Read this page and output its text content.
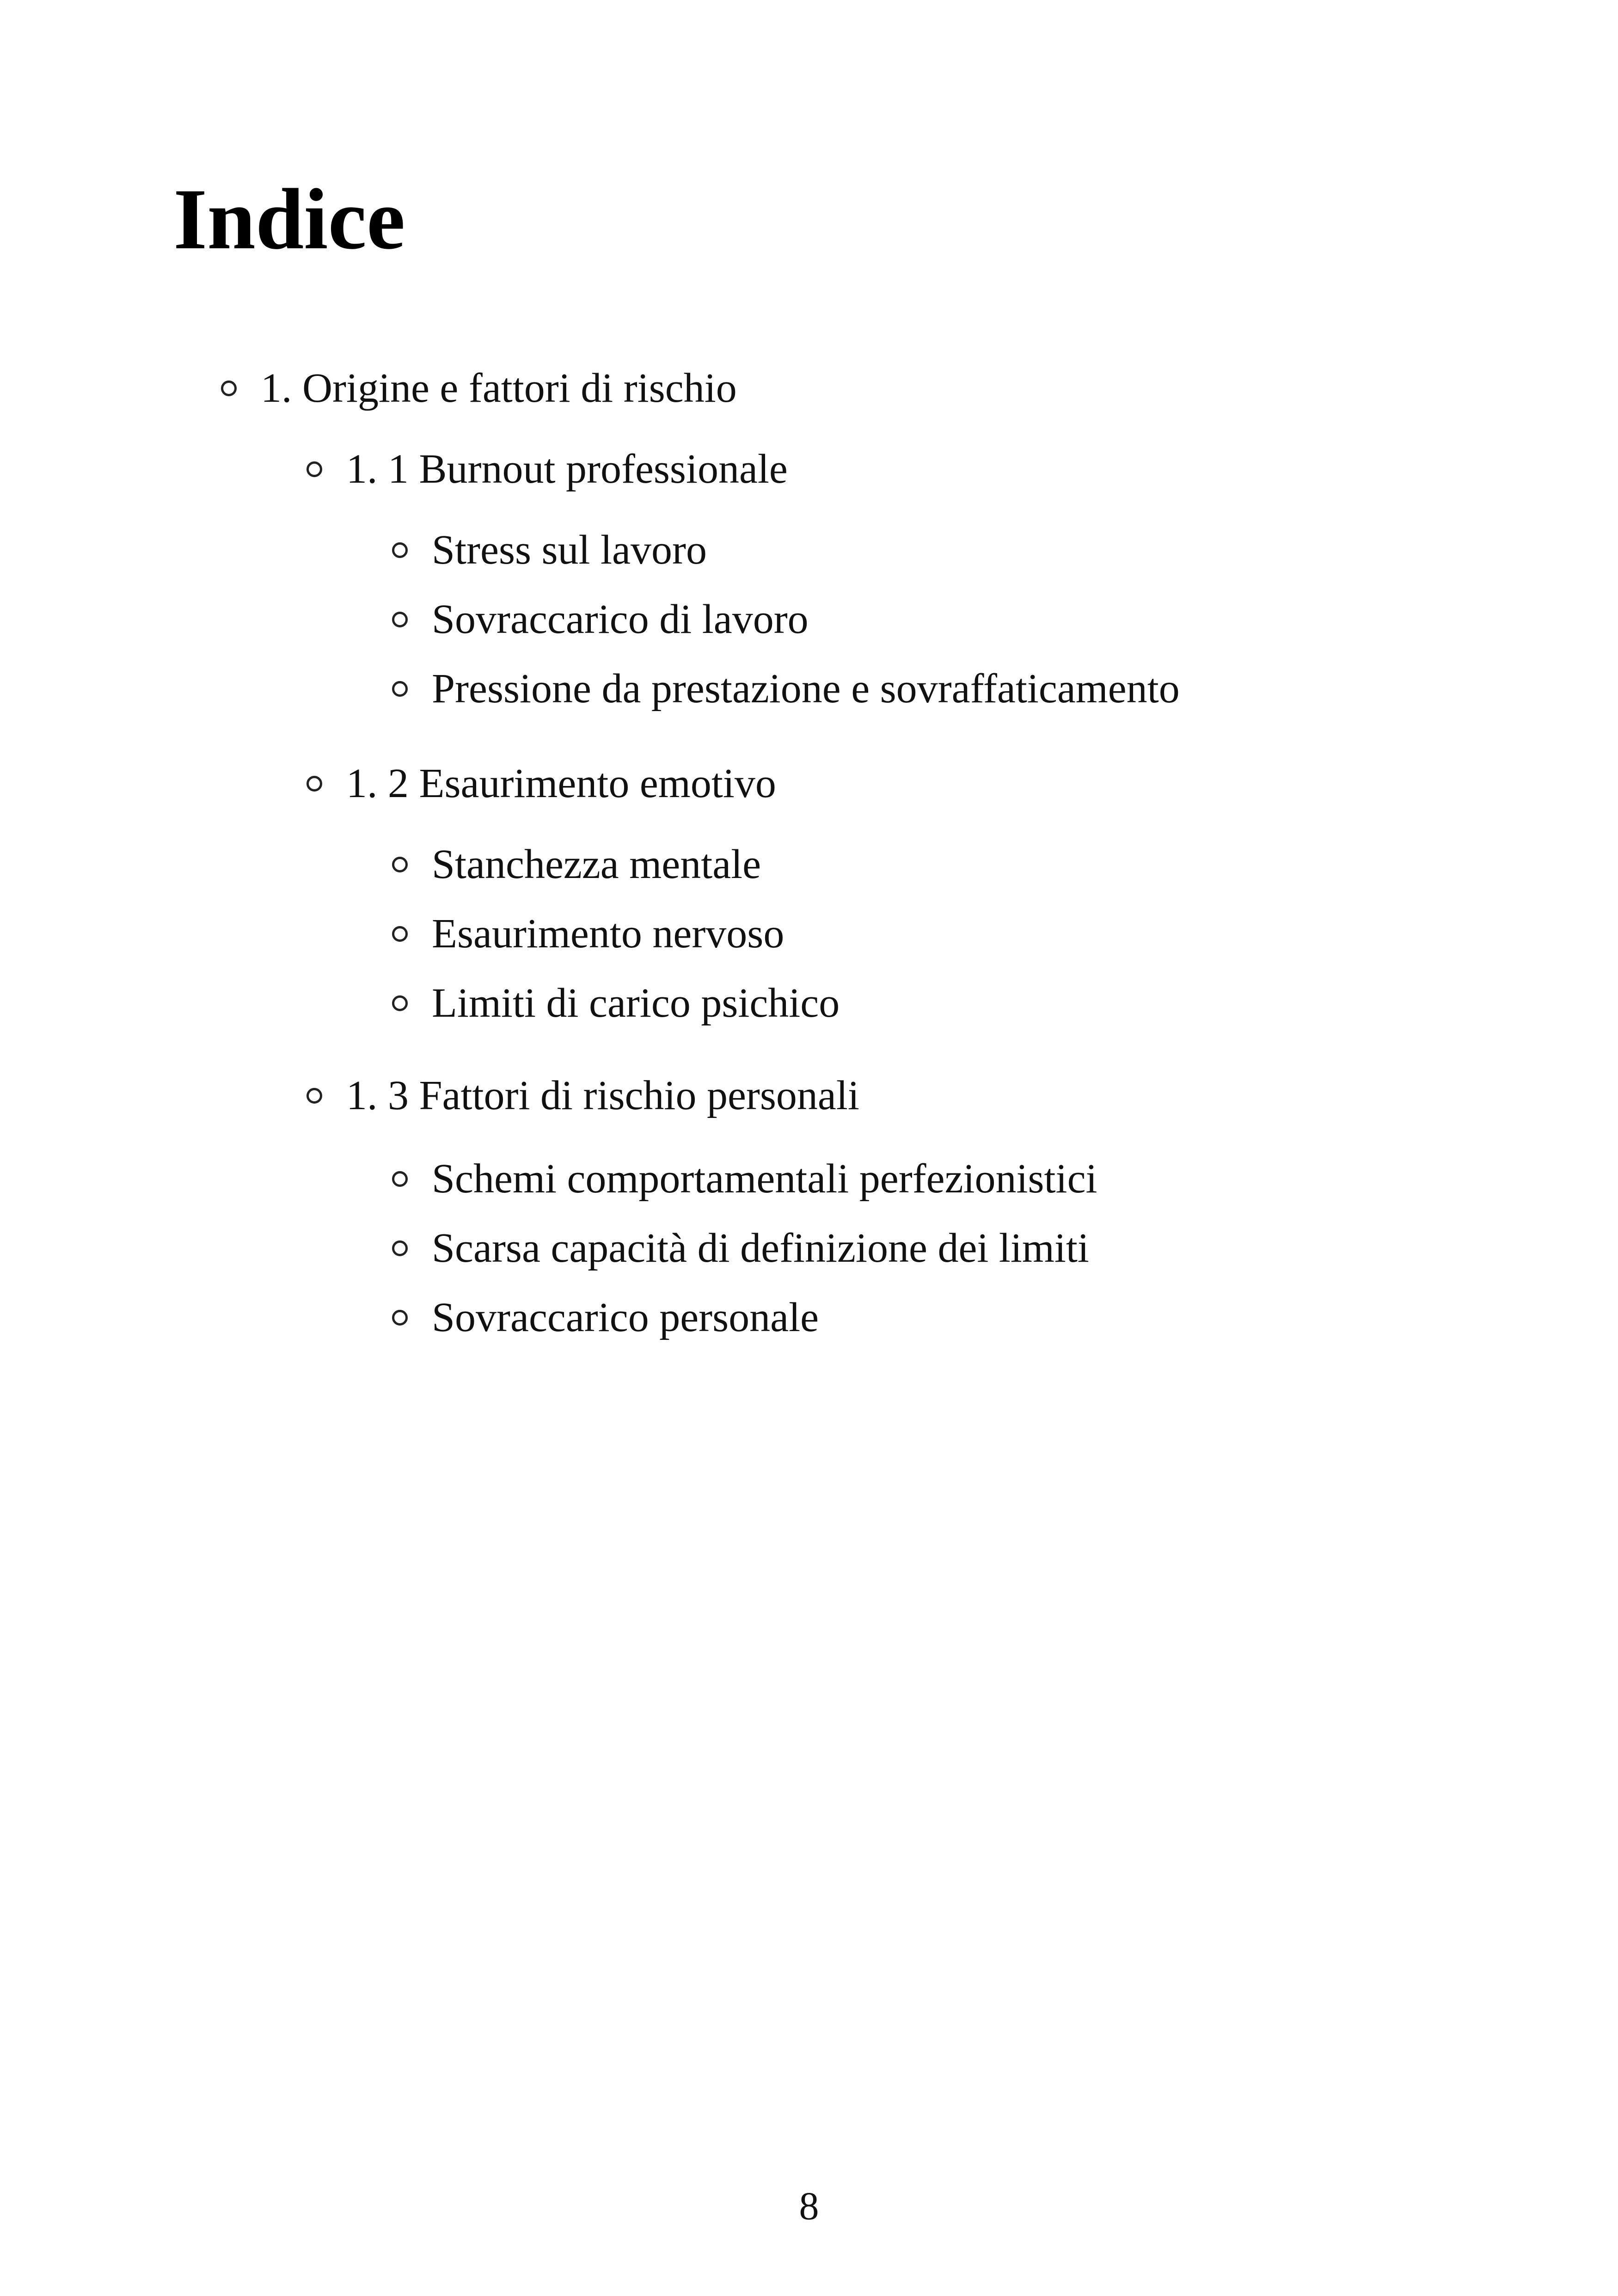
Indice
1. Origine e fattori di rischio
1. 1 Burnout professionale
Stress sul lavoro
Sovraccarico di lavoro
Pressione da prestazione e sovraffaticamento
1. 2 Esaurimento emotivo
Stanchezza mentale
Esaurimento nervoso
Limiti di carico psichico
1. 3 Fattori di rischio personali
Schemi comportamentali perfezionistici
Scarsa capacità di definizione dei limiti
Sovraccarico personale
8
